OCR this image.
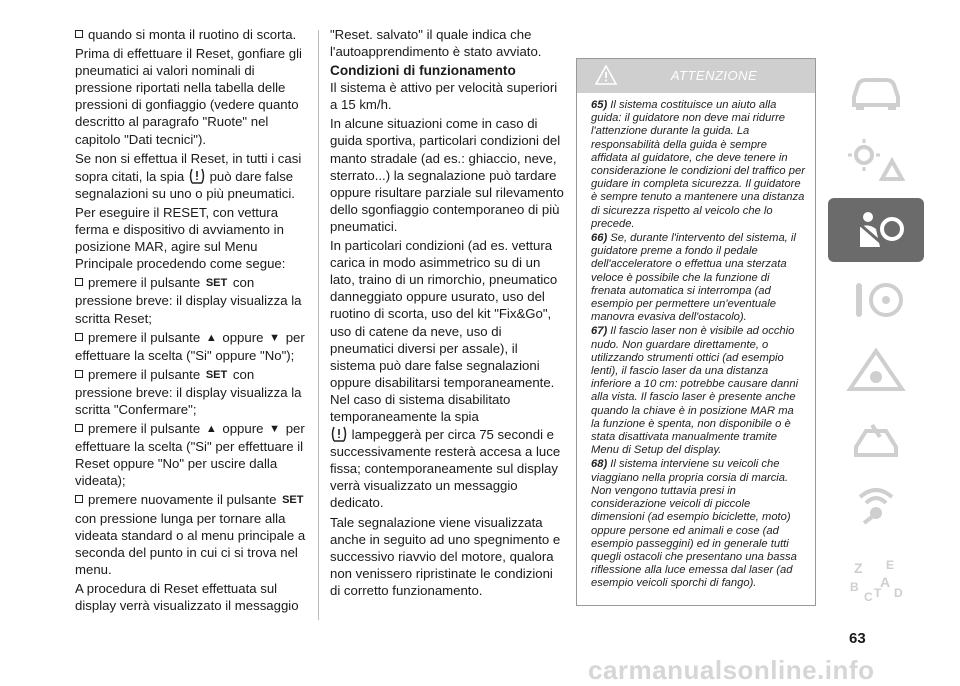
quando si monta il ruotino di scorta.

Prima di effettuare il Reset, gonfiare gli pneumatici ai valori nominali di pressione riportati nella tabella delle pressioni di gonfiaggio (vedere quanto descritto al paragrafo "Ruote" nel capitolo "Dati tecnici").

Se non si effettua il Reset, in tutti i casi sopra citati, la spia può dare false segnalazioni su uno o più pneumatici.

Per eseguire il RESET, con vettura ferma e dispositivo di avviamento in posizione MAR, agire sul Menu Principale procedendo come segue:

premere il pulsante SET con pressione breve: il display visualizza la scritta Reset;

premere il pulsante ▲ oppure ▼ per effettuare la scelta ("Si" oppure "No");

premere il pulsante SET con pressione breve: il display visualizza la scritta "Confermare";

premere il pulsante ▲ oppure ▼ per effettuare la scelta ("Si" per effettuare il Reset oppure "No" per uscire dalla videata);

premere nuovamente il pulsante SET con pressione lunga per tornare alla videata standard o al menu principale a seconda del punto in cui ci si trova nel menu.

A procedura di Reset effettuata sul display verrà visualizzato il messaggio

"Reset. salvato" il quale indica che l'autoapprendimento è stato avviato.

Condizioni di funzionamento

Il sistema è attivo per velocità superiori a 15 km/h.

In alcune situazioni come in caso di guida sportiva, particolari condizioni del manto stradale (ad es.: ghiaccio, neve, sterrato...) la segnalazione può tardare oppure risultare parziale sul rilevamento dello sgonfiaggio contemporaneo di più pneumatici.

In particolari condizioni (ad es. vettura carica in modo asimmetrico su di un lato, traino di un rimorchio, pneumatico danneggiato oppure usurato, uso del ruotino di scorta, uso del kit "Fix&Go", uso di catene da neve, uso di pneumatici diversi per assale), il sistema può dare false segnalazioni oppure disabilitarsi temporaneamente. Nel caso di sistema disabilitato temporaneamente la spia
lampeggerà per circa 75 secondi e successivamente resterà accesa a luce fissa; contemporaneamente sul display verrà visualizzato un messaggio dedicato.

Tale segnalazione viene visualizzata anche in seguito ad uno spegnimento e successivo riavvio del motore, qualora non venissero ripristinate le condizioni di corretto funzionamento.

ATTENZIONE

65) Il sistema costituisce un aiuto alla guida: il guidatore non deve mai ridurre l'attenzione durante la guida. La responsabilità della guida è sempre affidata al guidatore, che deve tenere in considerazione le condizioni del traffico per guidare in completa sicurezza. Il guidatore è sempre tenuto a mantenere una distanza di sicurezza rispetto al veicolo che lo precede.

66) Se, durante l'intervento del sistema, il guidatore preme a fondo il pedale dell'acceleratore o effettua una sterzata veloce è possibile che la funzione di frenata automatica si interrompa (ad esempio per permettere un'eventuale manovra evasiva dell'ostacolo).

67) Il fascio laser non è visibile ad occhio nudo. Non guardare direttamente, o utilizzando strumenti ottici (ad esempio lenti), il fascio laser da una distanza inferiore a 10 cm: potrebbe causare danni alla vista. Il fascio laser è presente anche quando la chiave è in posizione MAR ma la funzione è spenta, non disponibile o è stata disattivata manualmente tramite Menu di Setup del display.

68) Il sistema interviene su veicoli che viaggiano nella propria corsia di marcia. Non vengono tuttavia presi in considerazione veicoli di piccole dimensioni (ad esempio biciclette, moto) oppure persone ed animali e cose (ad esempio passeggini) ed in generale tutti quegli ostacoli che presentano una bassa riflessione alla luce emessa dal laser (ad esempio veicoli sporchi di fango).

Z E
B
C T
A
D
63
carmanualsonline.info
